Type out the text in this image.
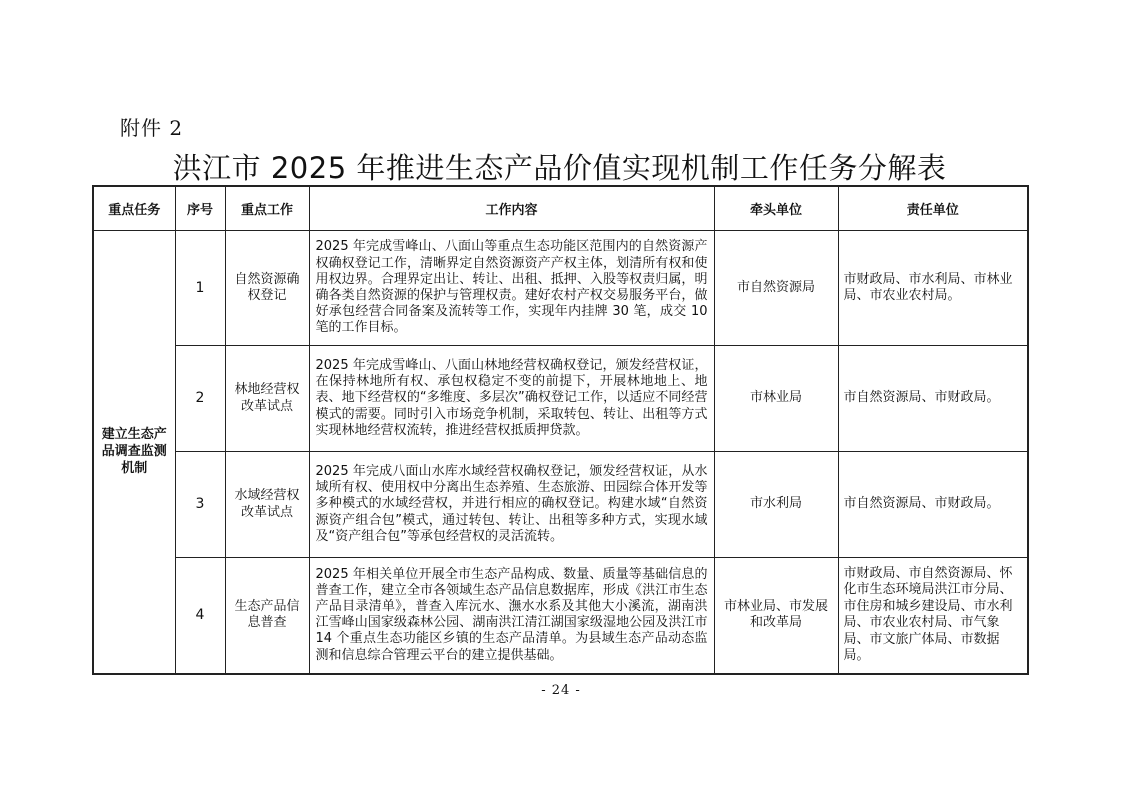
附件 2
洪江市 2025 年推进生态产品价值实现机制工作任务分解表
重点任务	序号	重点工作	工作内容	牵头单位	责任单位
建立生态产品调查监测机制	1	自然资源确权登记	2025 年完成雪峰山、八面山等重点生态功能区范围内的自然资源产权确权登记工作，清晰界定自然资源资产产权主体，划清所有权和使用权边界。合理界定出让、转让、出租、抵押、入股等权责归属，明确各类自然资源的保护与管理权责。建好农村产权交易服务平台，做好承包经营合同备案及流转等工作，实现年内挂牌 30 笔，成交 10 笔的工作目标。	市自然资源局	市财政局、市水利局、市林业局、市农业农村局。
	2	林地经营权改革试点	2025 年完成雪峰山、八面山林地经营权确权登记，颁发经营权证，在保持林地所有权、承包权稳定不变的前提下，开展林地地上、地表、地下经营权的“多维度、多层次”确权登记工作，以适应不同经营模式的需要。同时引入市场竞争机制，采取转包、转让、出租等方式实现林地经营权流转，推进经营权抵质押贷款。	市林业局	市自然资源局、市财政局。
	3	水域经营权改革试点	2025 年完成八面山水库水域经营权确权登记，颁发经营权证，从水域所有权、使用权中分离出生态养殖、生态旅游、田园综合体开发等多种模式的水域经营权，并进行相应的确权登记。构建水域“自然资源资产组合包”模式，通过转包、转让、出租等多种方式，实现水域及“资产组合包”等承包经营权的灵活流转。	市水利局	市自然资源局、市财政局。
	4	生态产品信息普查	2025 年相关单位开展全市生态产品构成、数量、质量等基础信息的普查工作，建立全市各领域生态产品信息数据库，形成《洪江市生态产品目录清单》，普查入库沅水、潕水水系及其他大小溪流，湖南洪江雪峰山国家级森林公园、湖南洪江清江湖国家级湿地公园及洪江市 14 个重点生态功能区乡镇的生态产品清单。为县域生态产品动态监测和信息综合管理云平台的建立提供基础。	市林业局、市发展和改革局	市财政局、市自然资源局、怀化市生态环境局洪江市分局、市住房和城乡建设局、市水利局、市农业农村局、市气象局、市文旅广体局、市数据局。
- 24 -
